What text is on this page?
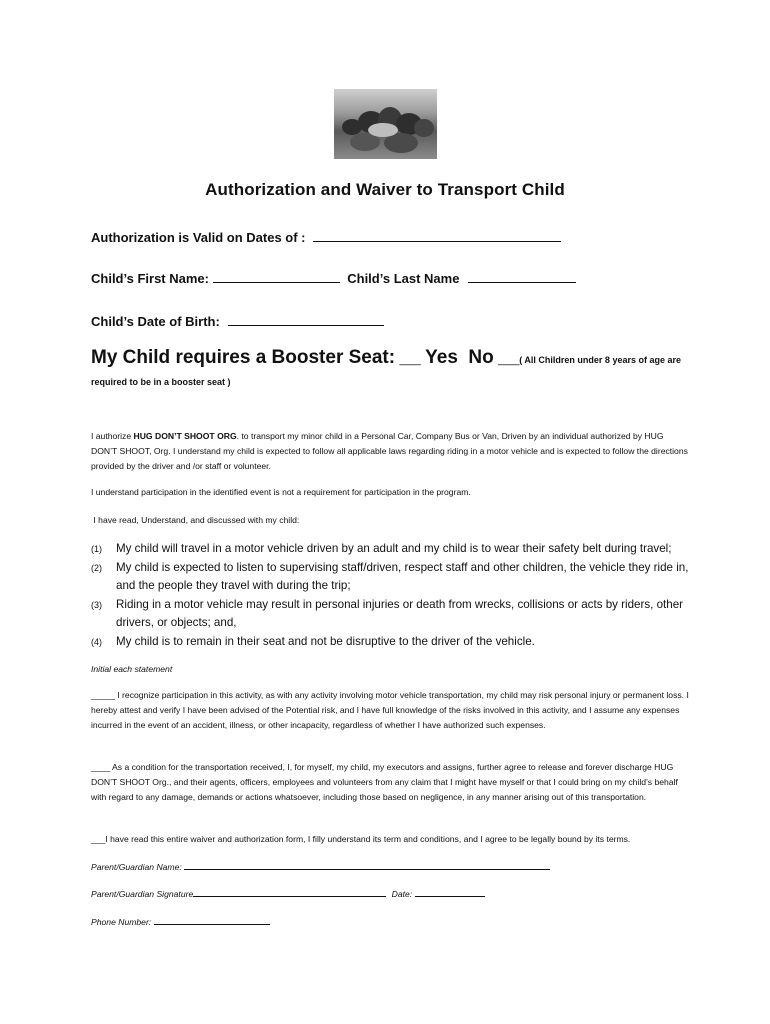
Authorization and Waiver to Transport Child
Authorization is Valid on Dates of :
Child’s First Name:	Child’s Last Name
Child’s Date of Birth:
My Child requires a Booster Seat: __ Yes No __( All Children under 8 years of age are
required to be in a booster seat )
I authorize HUG DON’T SHOOT ORG. to transport my minor child in a Personal Car, Company Bus or Van, Driven by an individual authorized by HUG DON’T SHOOT, Org. I understand my child is expected to follow all applicable laws regarding riding in a motor vehicle and is expected to follow the directions provided by the driver and /or staff or volunteer.
I understand participation in the identified event is not a requirement for participation in the program.
I have read, Understand, and discussed with my child:
(1) My child will travel in a motor vehicle driven by an adult and my child is to wear their safety belt during travel;
(2) My child is expected to listen to supervising staff/driven, respect staff and other children, the vehicle they ride in, and the people they travel with during the trip;
(3) Riding in a motor vehicle may result in personal injuries or death from wrecks, collisions or acts by riders, other drivers, or objects; and,
(4) My child is to remain in their seat and not be disruptive to the driver of the vehicle.
Initial each statement
_____ I recognize participation in this activity, as with any activity involving motor vehicle transportation, my child may risk personal injury or permanent loss. I hereby attest and verify I have been advised of the Potential risk, and I have full knowledge of the risks involved in this activity, and I assume any expenses incurred in the event of an accident, illness, or other incapacity, regardless of whether I have authorized such expenses.
____ As a condition for the transportation received, I, for myself, my child, my executors and assigns, further agree to release and forever discharge HUG DON’T SHOOT Org., and their agents, officers, employees and volunteers from any claim that I might have myself or that I could bring on my child’s behalf with regard to any damage, demands or actions whatsoever, including those based on negligence, in any manner arising out of this transportation.
___I have read this entire waiver and authorization form, I filly understand its term and conditions, and I agree to be legally bound by its terms.
Parent/Guardian Name:
Parent/Guardian Signature	Date:
Phone Number:
